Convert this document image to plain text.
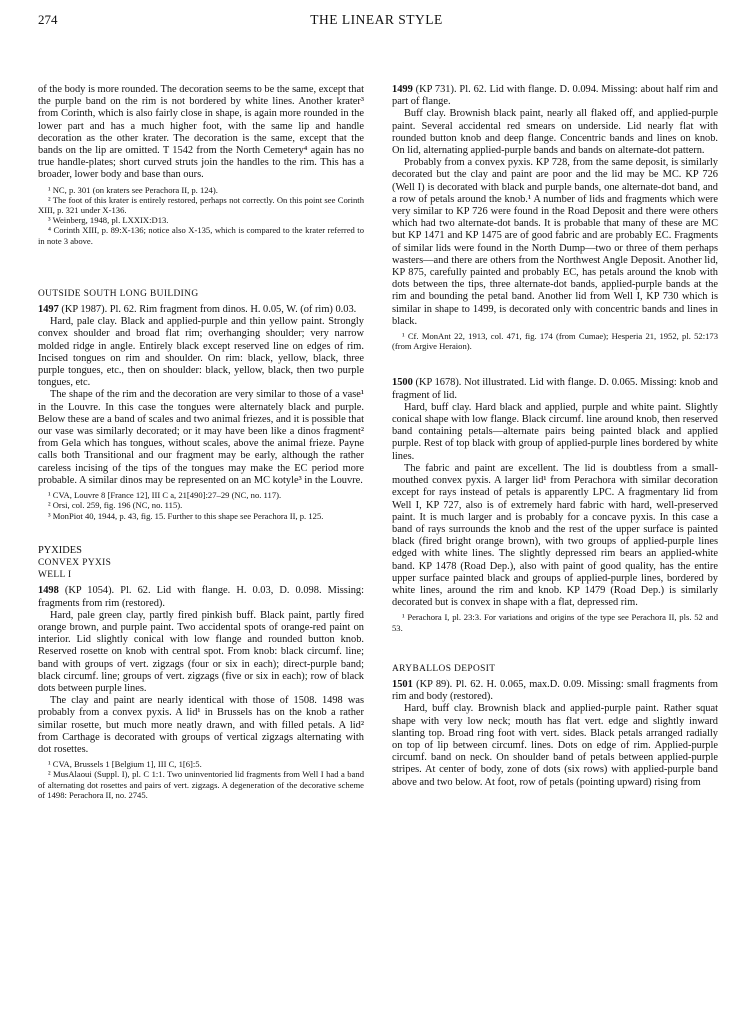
274	THE LINEAR STYLE

of the body is more rounded. The decoration seems to be the same, except that the purple band on the rim is not bordered by white lines. Another krater³ from Corinth, which is also fairly close in shape, is again more rounded in the lower part and has a much higher foot, with the same lip and handle decoration as the other krater. The decoration is the same, except that the bands on the lip are omitted. T 1542 from the North Cemetery⁴ again has no true handle-plates; short curved struts join the handles to the rim. This has a broader, lower body and base than ours.

¹ NC, p. 301 (on kraters see Perachora II, p. 124).

² The foot of this krater is entirely restored, perhaps not correctly. On this point see Corinth XIII, p. 321 under X-136.

³ Weinberg, 1948, pl. LXXIX:D13.

⁴ Corinth XIII, p. 89:X-136; notice also X-135, which is compared to the krater referred to in note 3 above.

OUTSIDE SOUTH LONG BUILDING

1497 (KP 1987). Pl. 62. Rim fragment from dinos. H. 0.05, W. (of rim) 0.03.

Hard, pale clay. Black and applied-purple and thin yellow paint. Strongly convex shoulder and broad flat rim; overhanging shoulder; very narrow molded ridge in angle. Entirely black except reserved line on edges of rim. Incised tongues on rim and shoulder. On rim: black, yellow, black, three purple tongues, etc., then on shoulder: black, yellow, black, then two purple tongues, etc.

The shape of the rim and the decoration are very similar to those of a vase¹ in the Louvre. In this case the tongues were alternately black and purple. Below these are a band of scales and two animal friezes, and it is possible that our vase was similarly decorated; or it may have been like a dinos fragment² from Gela which has tongues, without scales, above the animal frieze. Payne calls both Transitional and our fragment may be early, although the rather careless incising of the tips of the tongues may make the EC period more probable. A similar dinos may be represented on an MC kotyle³ in the Louvre.

¹ CVA, Louvre 8 [France 12], III C a, 21[490]:27–29 (NC, no. 117).

² Orsi, col. 259, fig. 196 (NC, no. 115).

³ MonPiot 40, 1944, p. 43, fig. 15. Further to this shape see Perachora II, p. 125.

PYXIDES

CONVEX PYXIS

WELL I

1498 (KP 1054). Pl. 62. Lid with flange. H. 0.03, D. 0.098. Missing: fragments from rim (restored).

Hard, pale green clay, partly fired pinkish buff. Black paint, partly fired orange brown, and purple paint. Two accidental spots of orange-red paint on interior. Lid slightly conical with low flange and rounded button knob. Reserved rosette on knob with central spot. From knob: black circumf. line; band with groups of vert. zigzags (four or six in each); direct-purple band; black circumf. line; groups of vert. zigzags (five or six in each); row of black dots between purple lines.

The clay and paint are nearly identical with those of 1508. 1498 was probably from a convex pyxis. A lid¹ in Brussels has on the knob a rather similar rosette, but much more neatly drawn, and with filled petals. A lid² from Carthage is decorated with groups of vertical zigzags alternating with dot rosettes.

¹ CVA, Brussels 1 [Belgium 1], III C, 1[6]:5.

² MusAlaoui (Suppl. I), pl. C 1:1. Two uninventoried lid fragments from Well I had a band of alternating dot rosettes and pairs of vert. zigzags. A degeneration of the decorative scheme of 1498: Perachora II, no. 2745.

1499 (KP 731). Pl. 62. Lid with flange. D. 0.094. Missing: about half rim and part of flange.

Buff clay. Brownish black paint, nearly all flaked off, and applied-purple paint. Several accidental red smears on underside. Lid nearly flat with rounded button knob and deep flange. Concentric bands and lines on knob. On lid, alternating applied-purple bands and bands on alternate-dot pattern.

Probably from a convex pyxis. KP 728, from the same deposit, is similarly decorated but the clay and paint are poor and the lid may be MC. KP 726 (Well I) is decorated with black and purple bands, one alternate-dot band, and a row of petals around the knob.¹ A number of lids and fragments which were very similar to KP 726 were found in the Road Deposit and there were others which had two alternate-dot bands. It is probable that many of these are MC but KP 1471 and KP 1475 are of good fabric and are probably EC. Fragments of similar lids were found in the North Dump—two or three of them perhaps wasters—and there are others from the Northwest Angle Deposit. Another lid, KP 875, carefully painted and probably EC, has petals around the knob with dots between the tips, three alternate-dot bands, applied-purple bands at the rim and bounding the petal band. Another lid from Well I, KP 730 which is similar in shape to 1499, is decorated only with concentric bands and lines in black.

¹ Cf. MonAnt 22, 1913, col. 471, fig. 174 (from Cumae); Hesperia 21, 1952, pl. 52:173 (from Argive Heraion).

1500 (KP 1678). Not illustrated. Lid with flange. D. 0.065. Missing: knob and fragment of lid.

Hard, buff clay. Hard black and applied, purple and white paint. Slightly conical shape with low flange. Black circumf. line around knob, then reserved band containing petals—alternate pairs being painted black and applied purple. Rest of top black with group of applied-purple lines bordered by white lines.

The fabric and paint are excellent. The lid is doubtless from a small-mouthed convex pyxis. A larger lid¹ from Perachora with similar decoration except for rays instead of petals is apparently LPC. A fragmentary lid from Well I, KP 727, also is of extremely hard fabric with hard, well-preserved paint. It is much larger and is probably for a concave pyxis. In this case a band of rays surrounds the knob and the rest of the upper surface is painted black (fired bright orange brown), with two groups of applied-purple lines edged with white lines. The slightly depressed rim bears an applied-white band. KP 1478 (Road Dep.), also with paint of good quality, has the entire upper surface painted black and groups of applied-purple lines, bordered by white lines, around the rim and knob. KP 1479 (Road Dep.) is similarly decorated but is convex in shape with a flat, depressed rim.

¹ Perachora I, pl. 23:3. For variations and origins of the type see Perachora II, pls. 52 and 53.

ARYBALLOS DEPOSIT

1501 (KP 89). Pl. 62. H. 0.065, max.D. 0.09. Missing: small fragments from rim and body (restored).

Hard, buff clay. Brownish black and applied-purple paint. Rather squat shape with very low neck; mouth has flat vert. edge and slightly inward slanting top. Broad ring foot with vert. sides. Black petals arranged radially on top of lip between circumf. lines. Dots on edge of rim. Applied-purple circumf. band on neck. On shoulder band of petals between applied-purple stripes. At center of body, zone of dots (six rows) with applied-purple band above and two below. At foot, row of petals (pointing upward) rising from
